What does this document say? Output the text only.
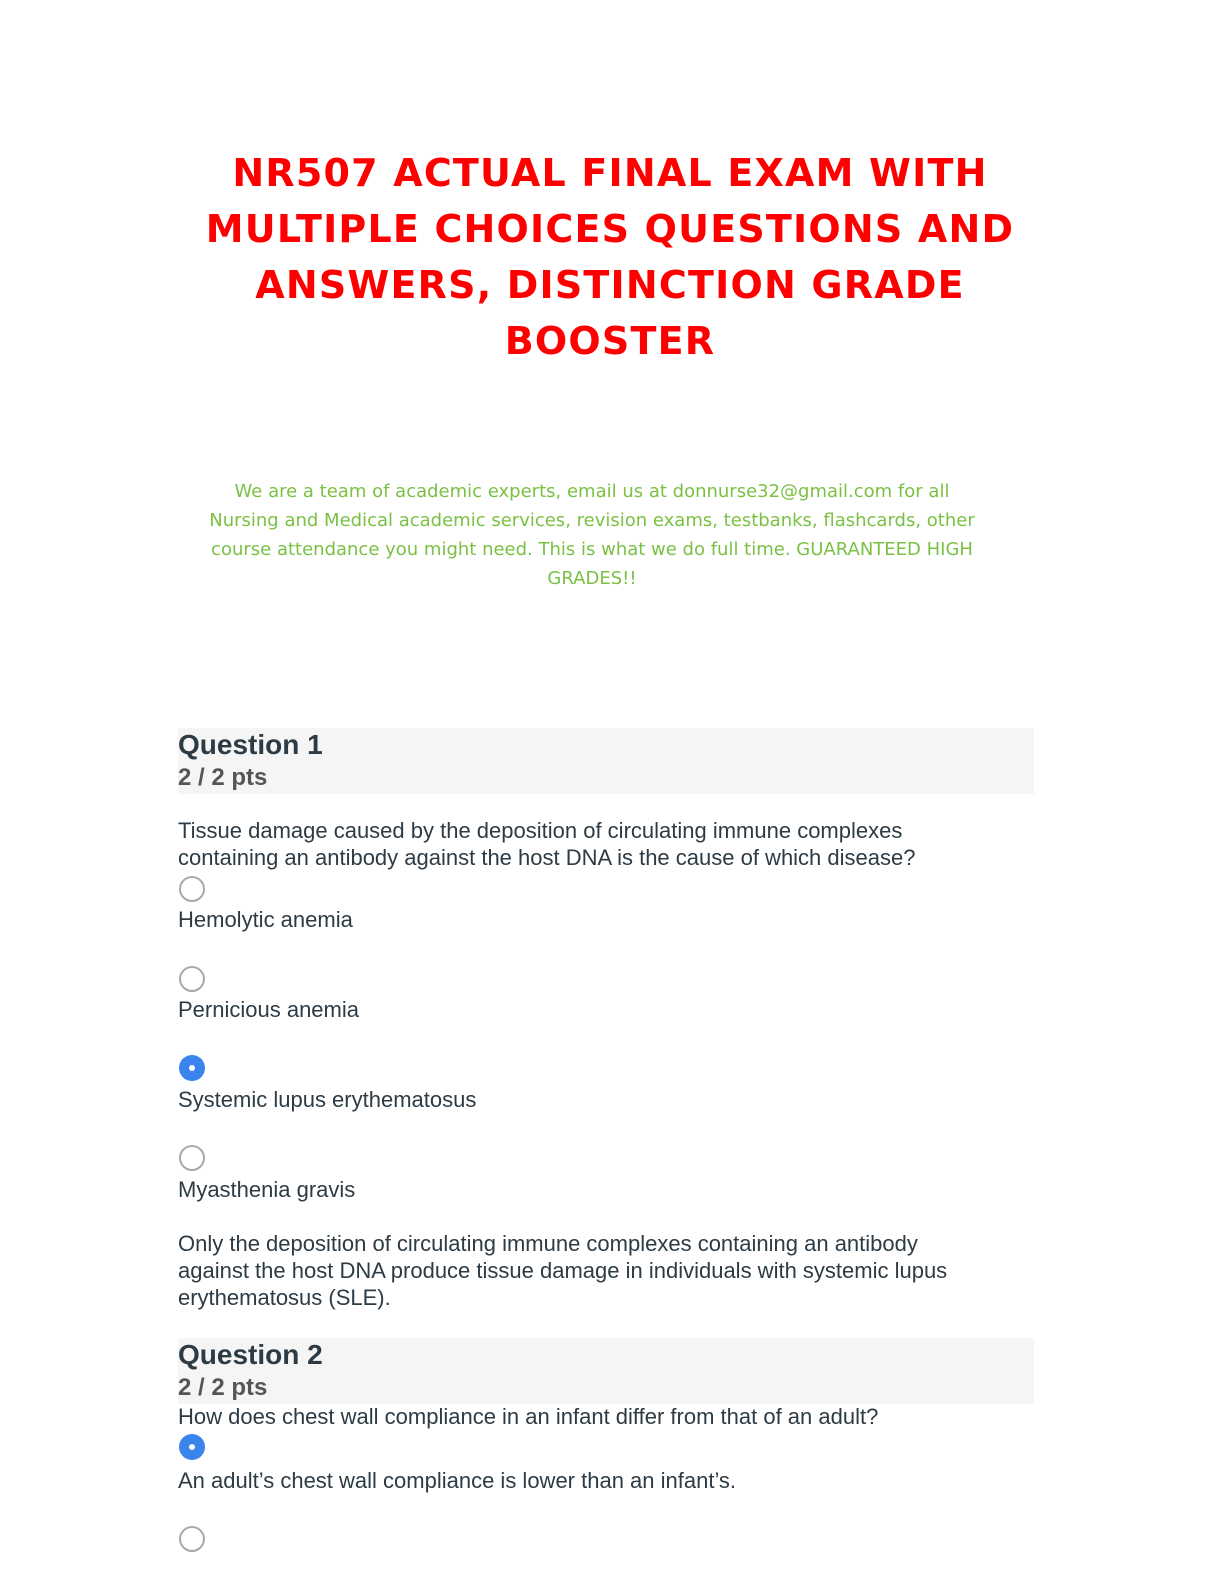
NR507 ACTUAL FINAL EXAM WITH
MULTIPLE CHOICES QUESTIONS AND
ANSWERS, DISTINCTION GRADE
BOOSTER
We are a team of academic experts, email us at donnurse32@gmail.com for all
Nursing and Medical academic services, revision exams, testbanks, flashcards, other
course attendance you might need. This is what we do full time. GUARANTEED HIGH
GRADES!!
Question 1
2 / 2 pts
Tissue damage caused by the deposition of circulating immune complexes
containing an antibody against the host DNA is the cause of which disease?
Hemolytic anemia
Pernicious anemia
Systemic lupus erythematosus
Myasthenia gravis
Only the deposition of circulating immune complexes containing an antibody
against the host DNA produce tissue damage in individuals with systemic lupus
erythematosus (SLE).
Question 2
2 / 2 pts
How does chest wall compliance in an infant differ from that of an adult?
An adult’s chest wall compliance is lower than an infant’s.
